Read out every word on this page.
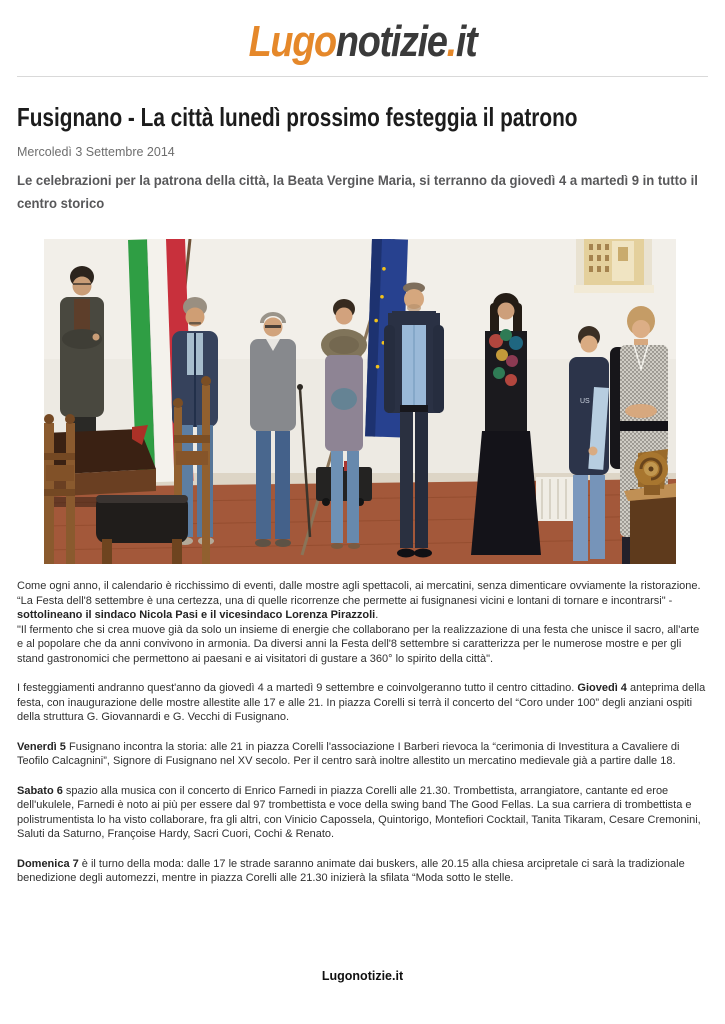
Lugonotizie.it
Fusignano - La città lunedì prossimo festeggia il patrono
Mercoledì 3 Settembre 2014
Le celebrazioni per la patrona della città, la Beata Vergine Maria, si terranno da giovedì 4 a martedì 9 in tutto il centro storico
US

Come ogni anno, il calendario è ricchissimo di eventi, dalle mostre agli spettacoli, ai mercatini, senza dimenticare ovviamente la ristorazione. “La Festa dell'8 settembre è una certezza, una di quelle ricorrenze che permette ai fusignanesi vicini e lontani di tornare e incontrarsi" - sottolineano il sindaco Nicola Pasi e il vicesindaco Lorenza Pirazzoli.
"Il fermento che si crea muove già da solo un insieme di energie che collaborano per la realizzazione di una festa che unisce il sacro, all'arte e al popolare che da anni convivono in armonia. Da diversi anni la Festa dell'8 settembre si caratterizza per le numerose mostre e per gli stand gastronomici che permettono ai paesani e ai visitatori di gustare a 360° lo spirito della città".

I festeggiamenti andranno quest'anno da giovedì 4 a martedì 9 settembre e coinvolgeranno tutto il centro cittadino. Giovedì 4 anteprima della festa, con inaugurazione delle mostre allestite alle 17 e alle 21. In piazza Corelli si terrà il concerto del “Coro under 100” degli anziani ospiti della struttura G. Giovannardi e G. Vecchi di Fusignano.

Venerdì 5 Fusignano incontra la storia: alle 21 in piazza Corelli l'associazione I Barberi rievoca la “cerimonia di Investitura a Cavaliere di Teofilo Calcagnini”, Signore di Fusignano nel XV secolo. Per il centro sarà inoltre allestito un mercatino medievale già a partire dalle 18.

Sabato 6 spazio alla musica con il concerto di Enrico Farnedi in piazza Corelli alle 21.30. Trombettista, arrangiatore, cantante ed eroe dell'ukulele, Farnedi è noto ai più per essere dal 97 trombettista e voce della swing band The Good Fellas. La sua carriera di trombettista e polistrumentista lo ha visto collaborare, fra gli altri, con Vinicio Capossela, Quintorigo, Montefiori Cocktail, Tanita Tikaram, Cesare Cremonini, Saluti da Saturno, Françoise Hardy, Sacri Cuori, Cochi & Renato.

Domenica 7 è il turno della moda: dalle 17 le strade saranno animate dai buskers, alle 20.15 alla chiesa arcipretale ci sarà la tradizionale benedizione degli automezzi, mentre in piazza Corelli alle 21.30 inizierà la sfilata “Moda sotto le stelle.

Lugonotizie.it
